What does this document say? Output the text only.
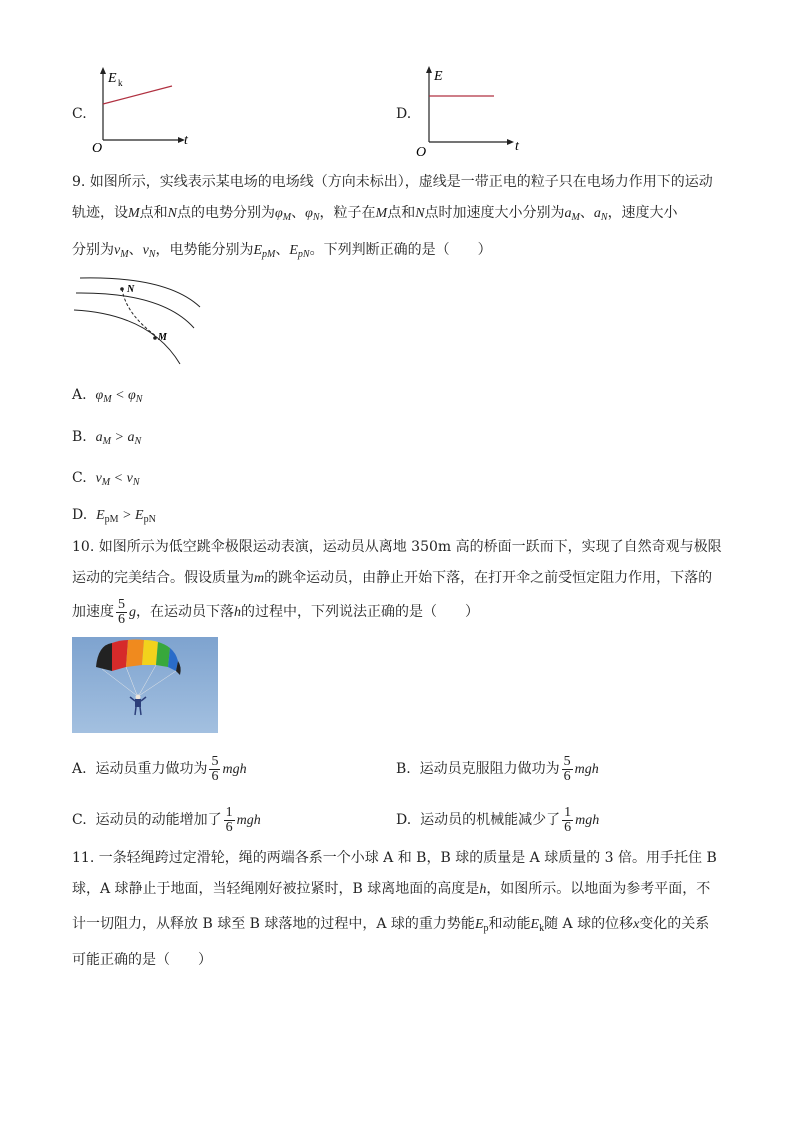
C.
E k
t
O
D.
E
t
O
9. 如图所示，实线表示某电场的电场线（方向未标出），虚线是一带正电的粒子只在电场力作用下的运动
轨迹，设M点和N点的电势分别为$\varphi_M$、$\varphi_N$，粒子在M点和N点时加速度大小分别为$a_M$、$a_N$，速度大小
分别为$v_M$、$v_N$，电势能分别为$E_{pM}$、$E_{pN}$。下列判断正确的是（　　）
N
M
A. $\varphi_M < \varphi_N$
B. $a_M > a_N$
C. $v_M < v_N$
D. $E_{pM} > E_{pN}$
10. 如图所示为低空跳伞极限运动表演，运动员从离地 350m 高的桥面一跃而下，实现了自然奇观与极限
运动的完美结合。假设质量为m的跳伞运动员，由静止开始下落，在打开伞之前受恒定阻力作用，下落的
加速度 $\frac{5}{6}$ g，在运动员下落h的过程中，下列说法正确的是（　　）
A. 运动员重力做功为 $\frac{5}{6}$ mgh	B. 运动员克服阻力做功为 $\frac{5}{6}$ mgh
C. 运动员的动能增加了 $\frac{1}{6}$ mgh	D. 运动员的机械能减少了 $\frac{1}{6}$ mgh
11. 一条轻绳跨过定滑轮，绳的两端各系一个小球 A 和 B，B 球的质量是 A 球质量的 3 倍。用手托住 B
球，A 球静止于地面，当轻绳刚好被拉紧时，B 球离地面的高度是h，如图所示。以地面为参考平面，不
计一切阻力，从释放 B 球至 B 球落地的过程中，A 球的重力势能$E_p$和动能$E_k$随 A 球的位移x变化的关系
可能正确的是（　　）
